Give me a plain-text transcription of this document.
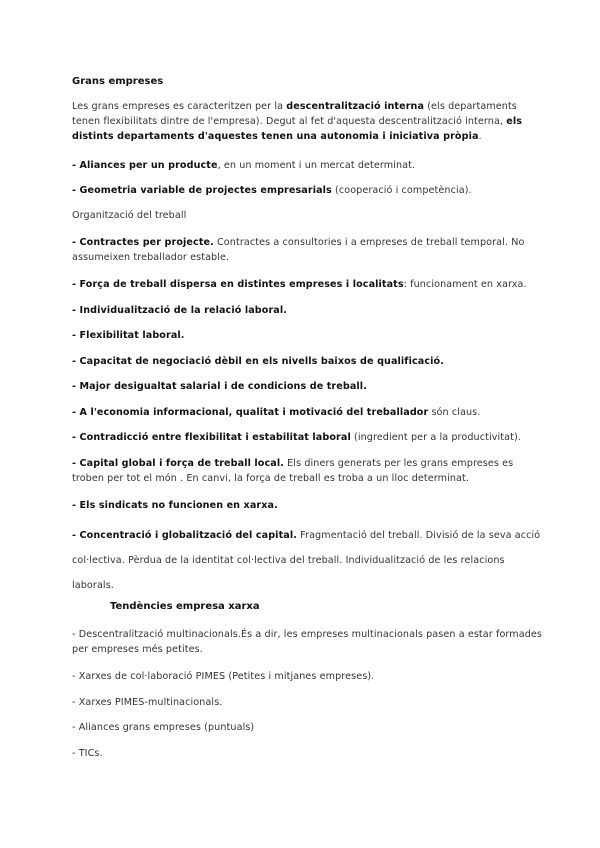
Grans empreses
Les grans empreses es caracteritzen per la descentralització interna (els departaments tenen flexibilitats dintre de l'empresa). Degut al fet d'aquesta descentralització interna, els distints departaments d'aquestes tenen una autonomia i iniciativa pròpia.
- Aliances per un producte, en un moment i un mercat determinat.
- Geometria variable de projectes empresarials (cooperació i competència).
Organització del treball
- Contractes per projecte. Contractes a consultories i a empreses de treball temporal. No assumeixen treballador estable.
- Força de treball dispersa en distintes empreses i localitats: funcionament en xarxa.
- Individualització de la relació laboral.
- Flexibilitat laboral.
- Capacitat de negociació dèbil en els nivells baixos de qualificació.
- Major desigualtat salarial i de condicions de treball.
- A l'economia informacional, qualitat i motivació del treballador són claus.
- Contradicció entre flexibilitat i estabilitat laboral (ingredient per a la productivitat).
- Capital global i força de treball local. Els diners generats per les grans empreses es troben per tot el món . En canvi, la força de treball es troba a un lloc determinat.
- Els sindicats no funcionen en xarxa.
- Concentració i globalització del capital. Fragmentació del treball. Divisió de la seva acció col·lectiva. Pèrdua de la identitat col·lectiva del treball. Individualització de les relacions laborals.
Tendències empresa xarxa
- Descentralització multinacionals.És a dir, les empreses multinacionals pasen a estar formades per empreses més petites.
- Xarxes de col·laboració PIMES (Petites i mitjanes empreses).
- Xarxes PIMES-multinacionals.
- Aliances grans empreses (puntuals)
- TICs.
